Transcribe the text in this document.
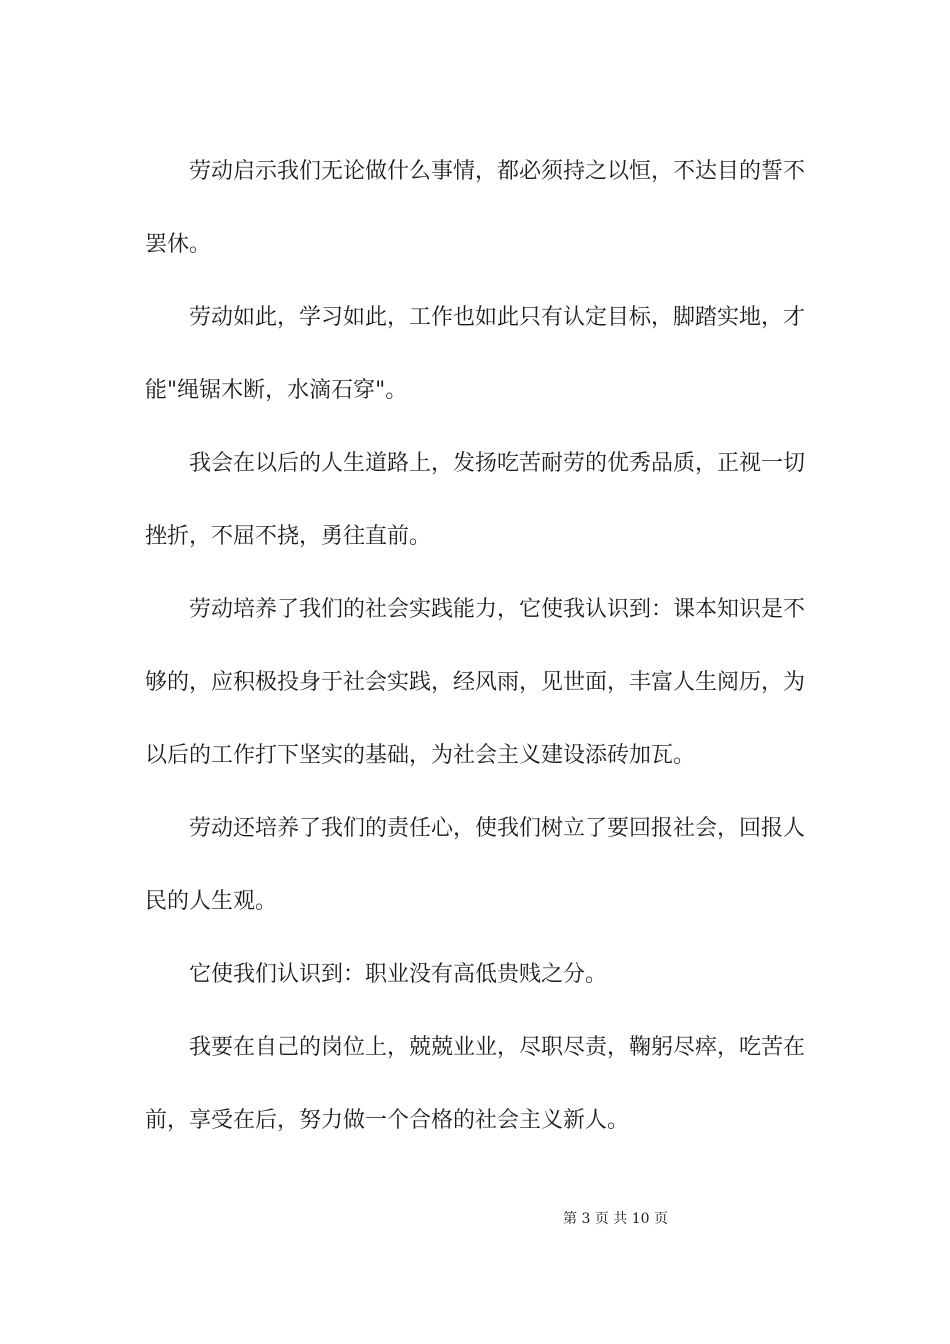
劳动启示我们无论做什么事情，都必须持之以恒，不达目的誓不罢休。

劳动如此，学习如此，工作也如此只有认定目标，脚踏实地，才能"绳锯木断，水滴石穿"。

我会在以后的人生道路上，发扬吃苦耐劳的优秀品质，正视一切挫折，不屈不挠，勇往直前。

劳动培养了我们的社会实践能力，它使我认识到：课本知识是不够的，应积极投身于社会实践，经风雨，见世面，丰富人生阅历，为以后的工作打下坚实的基础，为社会主义建设添砖加瓦。

劳动还培养了我们的责任心，使我们树立了要回报社会，回报人民的人生观。

它使我们认识到：职业没有高低贵贱之分。

我要在自己的岗位上，兢兢业业，尽职尽责，鞠躬尽瘁，吃苦在前，享受在后，努力做一个合格的社会主义新人。

第 3 页 共 10 页
